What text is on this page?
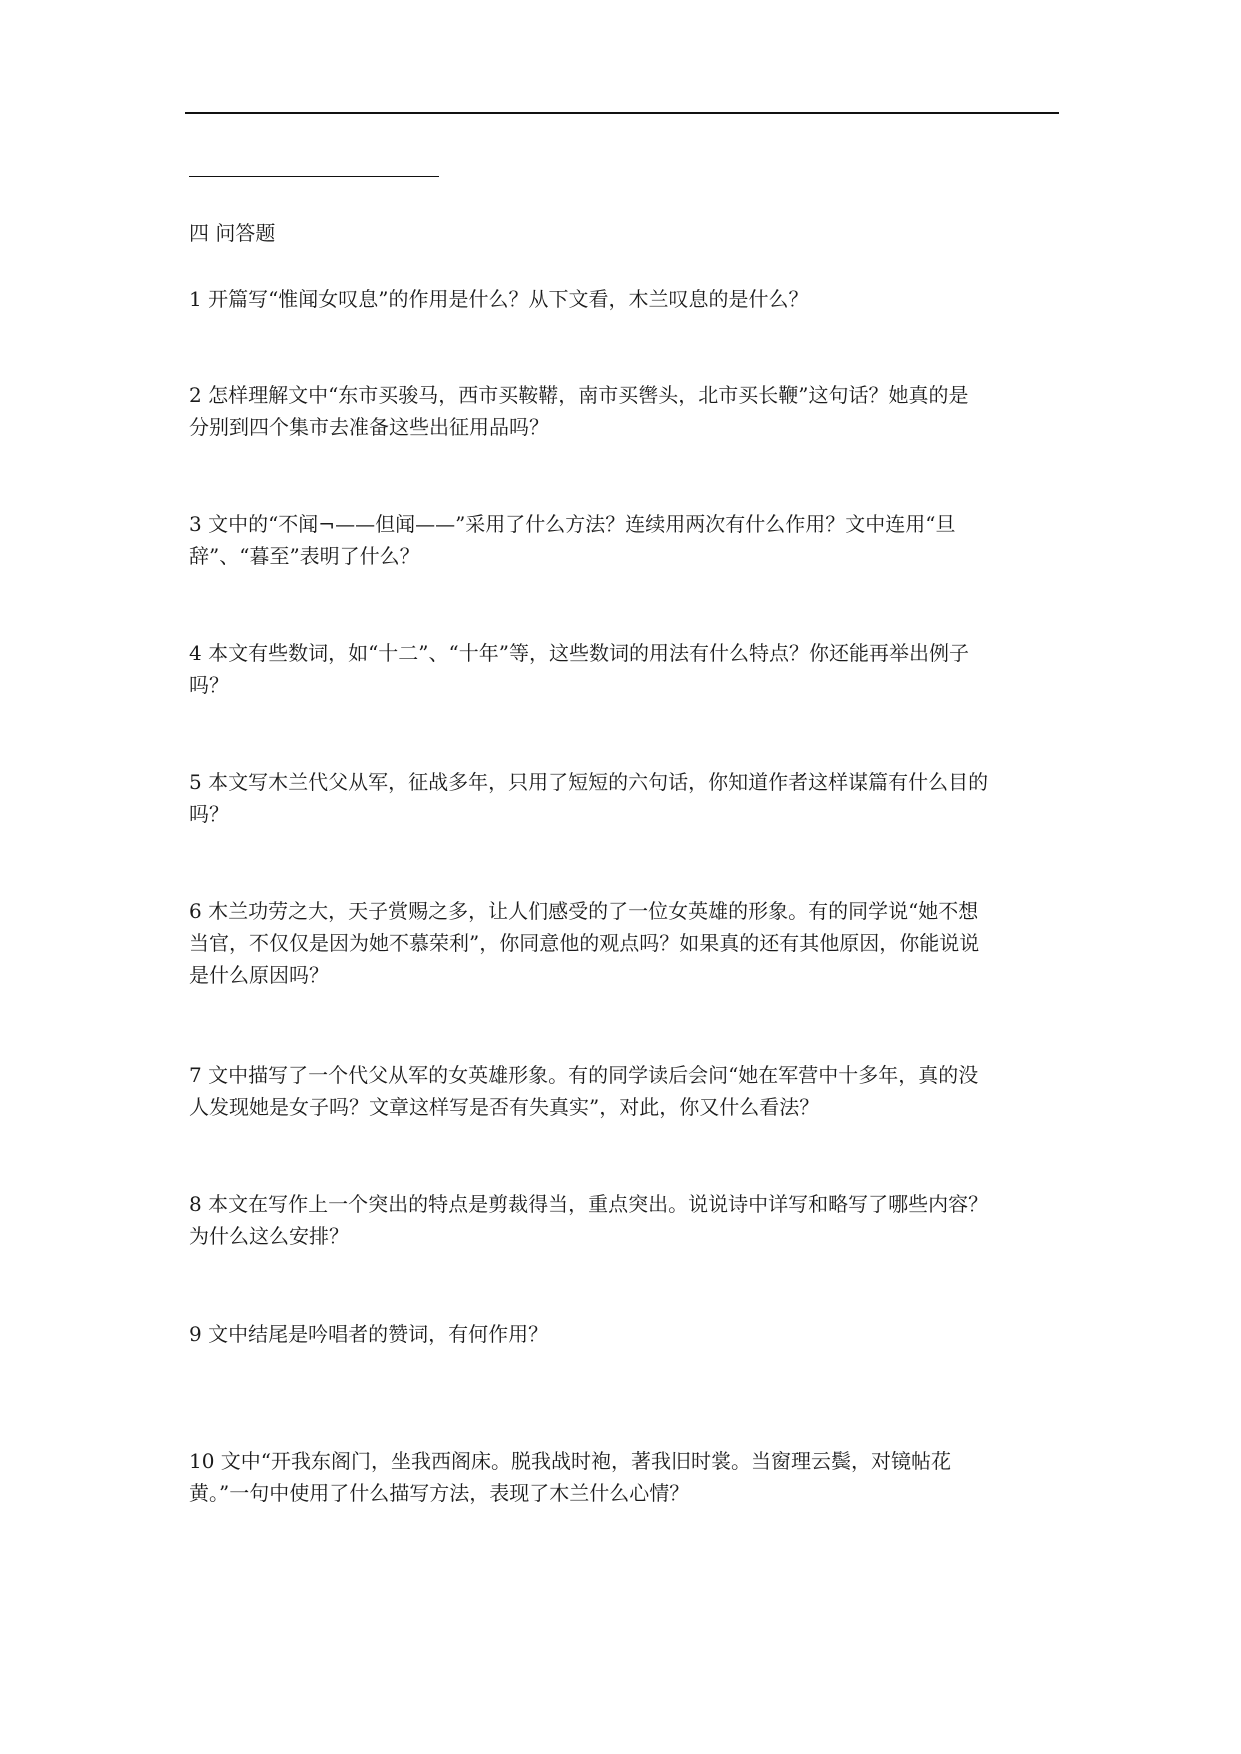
四 问答题
1 开篇写“惟闻女叹息”的作用是什么？从下文看，木兰叹息的是什么？
2 怎样理解文中“东市买骏马，西市买鞍鞯，南市买辔头，北市买长鞭”这句话？她真的是
分别到四个集市去准备这些出征用品吗？
3 文中的“不闻¬——但闻——”采用了什么方法？连续用两次有什么作用？文中连用“旦
辞”、“暮至”表明了什么？
4 本文有些数词，如“十二”、“十年”等，这些数词的用法有什么特点？你还能再举出例子
吗？
5 本文写木兰代父从军，征战多年，只用了短短的六句话，你知道作者这样谋篇有什么目的
吗？
6 木兰功劳之大，天子赏赐之多，让人们感受的了一位女英雄的形象。有的同学说“她不想
当官，不仅仅是因为她不慕荣利”，你同意他的观点吗？如果真的还有其他原因，你能说说
是什么原因吗？
7 文中描写了一个代父从军的女英雄形象。有的同学读后会问“她在军营中十多年，真的没
人发现她是女子吗？文章这样写是否有失真实”，对此，你又什么看法？
8 本文在写作上一个突出的特点是剪裁得当，重点突出。说说诗中详写和略写了哪些内容？
为什么这么安排？
9 文中结尾是吟唱者的赞词，有何作用？
10 文中“开我东阁门，坐我西阁床。脱我战时袍，著我旧时裳。当窗理云鬓，对镜帖花
黄。”一句中使用了什么描写方法，表现了木兰什么心情？
